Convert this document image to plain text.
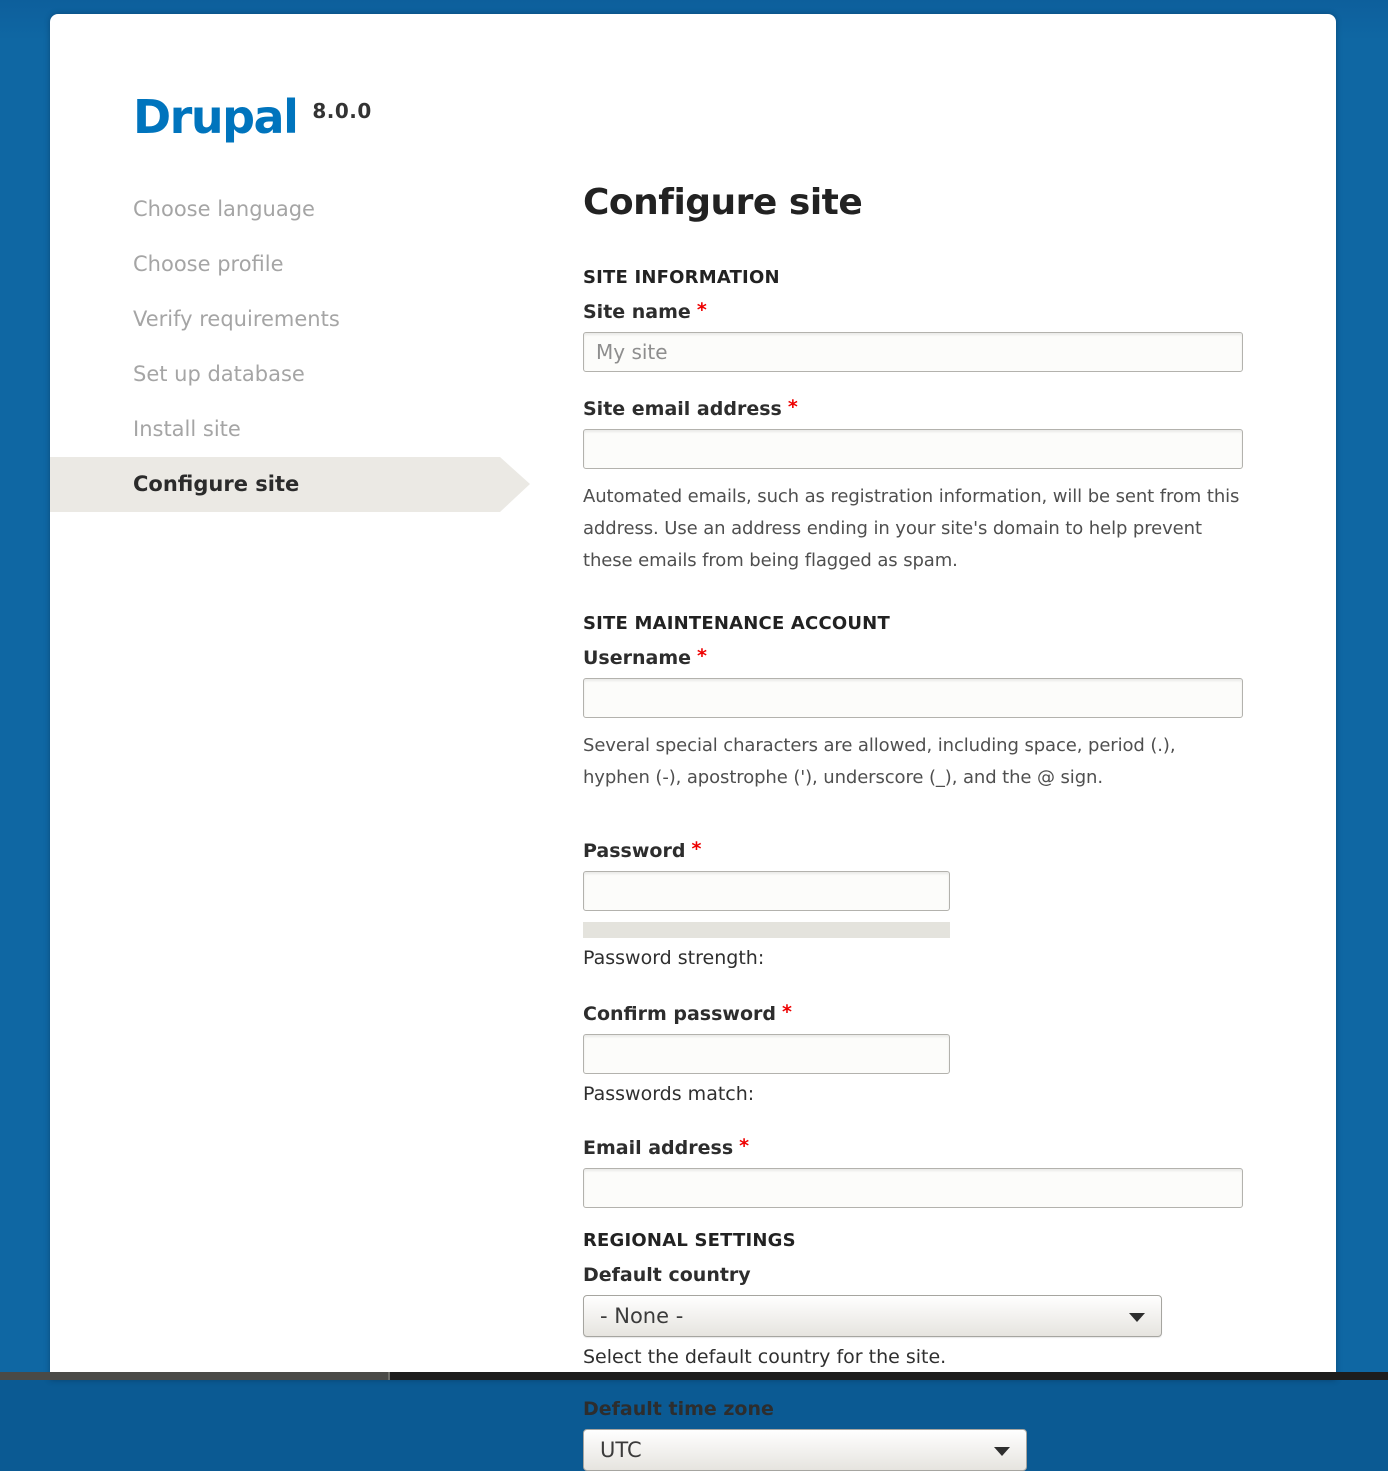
Drupal 8.0.0
Choose language
Choose profile
Verify requirements
Set up database
Install site
Configure site
Configure site
SITE INFORMATION
Site name *
My site
Site email address *
Automated emails, such as registration information, will be sent from this address. Use an address ending in your site's domain to help prevent these emails from being flagged as spam.
SITE MAINTENANCE ACCOUNT
Username *
Several special characters are allowed, including space, period (.), hyphen (-), apostrophe ('), underscore (_), and the @ sign.
Password *
Password strength:
Confirm password *
Passwords match:
Email address *
REGIONAL SETTINGS
Default country
- None -
Select the default country for the site.
Default time zone
UTC
